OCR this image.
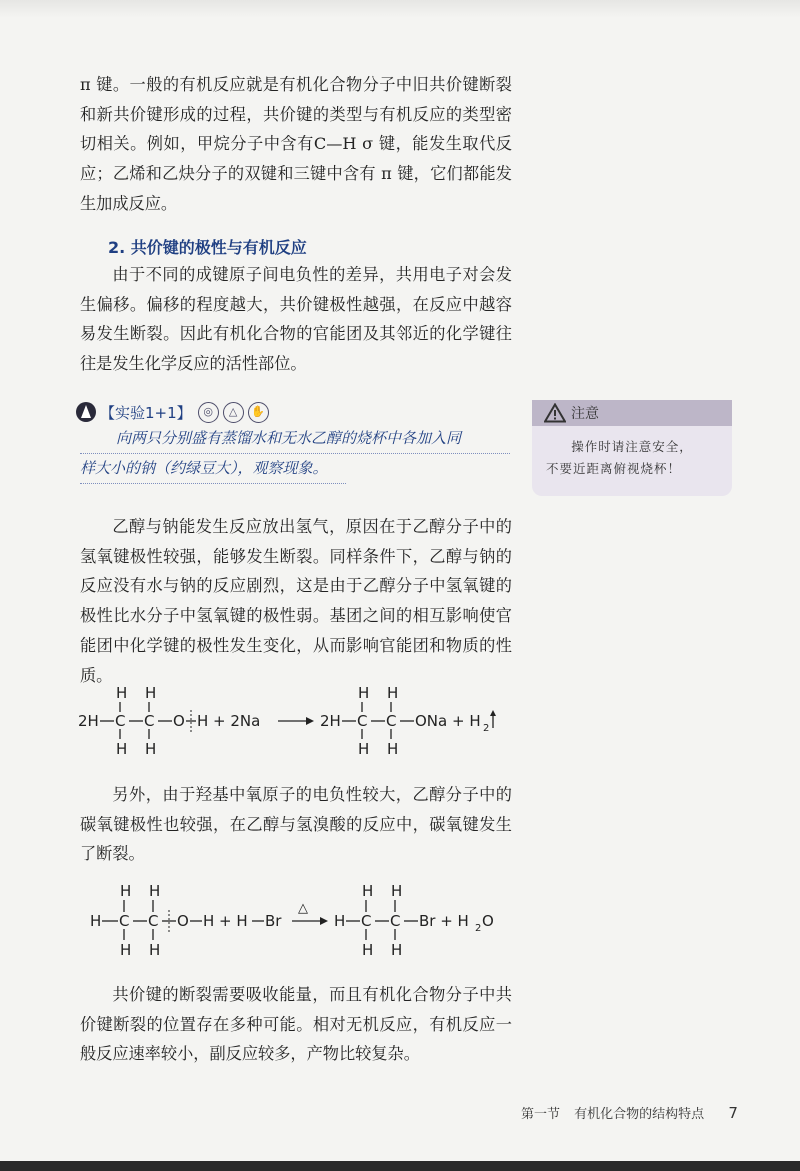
π 键。一般的有机反应就是有机化合物分子中旧共价键断裂和新共价键形成的过程，共价键的类型与有机反应的类型密切相关。例如，甲烷分子中含有C—H σ 键，能发生取代反应；乙烯和乙炔分子的双键和三键中含有 π 键，它们都能发生加成反应。

2. 共价键的极性与有机反应

由于不同的成键原子间电负性的差异，共用电子对会发生偏移。偏移的程度越大，共价键极性越强，在反应中越容易发生断裂。因此有机化合物的官能团及其邻近的化学键往往是发生化学反应的活性部位。

【实验1+1】	◎	△	✋

向两只分别盛有蒸馏水和无水乙醇的烧杯中各加入同
样大小的钠（约绿豆大），观察现象。

注意
操作时请注意安全，
不要近距离俯视烧杯！

乙醇与钠能发生反应放出氢气，原因在于乙醇分子中的氢氧键极性较强，能够发生断裂。同样条件下，乙醇与钠的反应没有水与钠的反应剧烈，这是由于乙醇分子中氢氧键的极性比水分子中氢氧键的极性弱。基团之间的相互影响使官能团中化学键的极性发生变化，从而影响官能团和物质的性质。

2H C C O H + 2Na
H H
H H
2H C C ONa + H 2
H H
H H

另外，由于羟基中氧原子的电负性较大，乙醇分子中的碳氧键极性也较强，在乙醇与氢溴酸的反应中，碳氧键发生了断裂。

H C C O H + H Br
H H
H H
△
H C C Br + H 2 O
H H
H H

共价键的断裂需要吸收能量，而且有机化合物分子中共价键断裂的位置存在多种可能。相对无机反应，有机反应一般反应速率较小，副反应较多，产物比较复杂。

第一节 有机化合物的结构特点 7
